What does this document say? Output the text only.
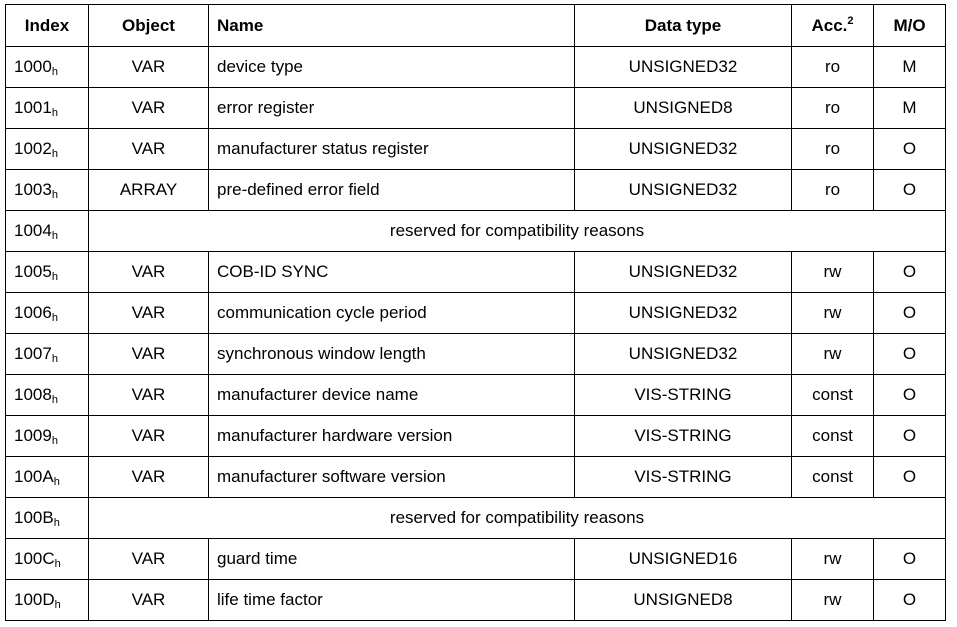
Index	Object	Name	Data type	Acc.$^2$	M/O
1000h	VAR	device type	UNSIGNED32	ro	M
1001h	VAR	error register	UNSIGNED8	ro	M
1002h	VAR	manufacturer status register	UNSIGNED32	ro	O
1003h	ARRAY	pre-defined error field	UNSIGNED32	ro	O
1004h	reserved for compatibility reasons				
1005h	VAR	COB-ID SYNC	UNSIGNED32	rw	O
1006h	VAR	communication cycle period	UNSIGNED32	rw	O
1007h	VAR	synchronous window length	UNSIGNED32	rw	O
1008h	VAR	manufacturer device name	VIS-STRING	const	O
1009h	VAR	manufacturer hardware version	VIS-STRING	const	O
100Ah	VAR	manufacturer software version	VIS-STRING	const	O
100Bh	reserved for compatibility reasons				
100Ch	VAR	guard time	UNSIGNED16	rw	O
100Dh	VAR	life time factor	UNSIGNED8	rw	O
